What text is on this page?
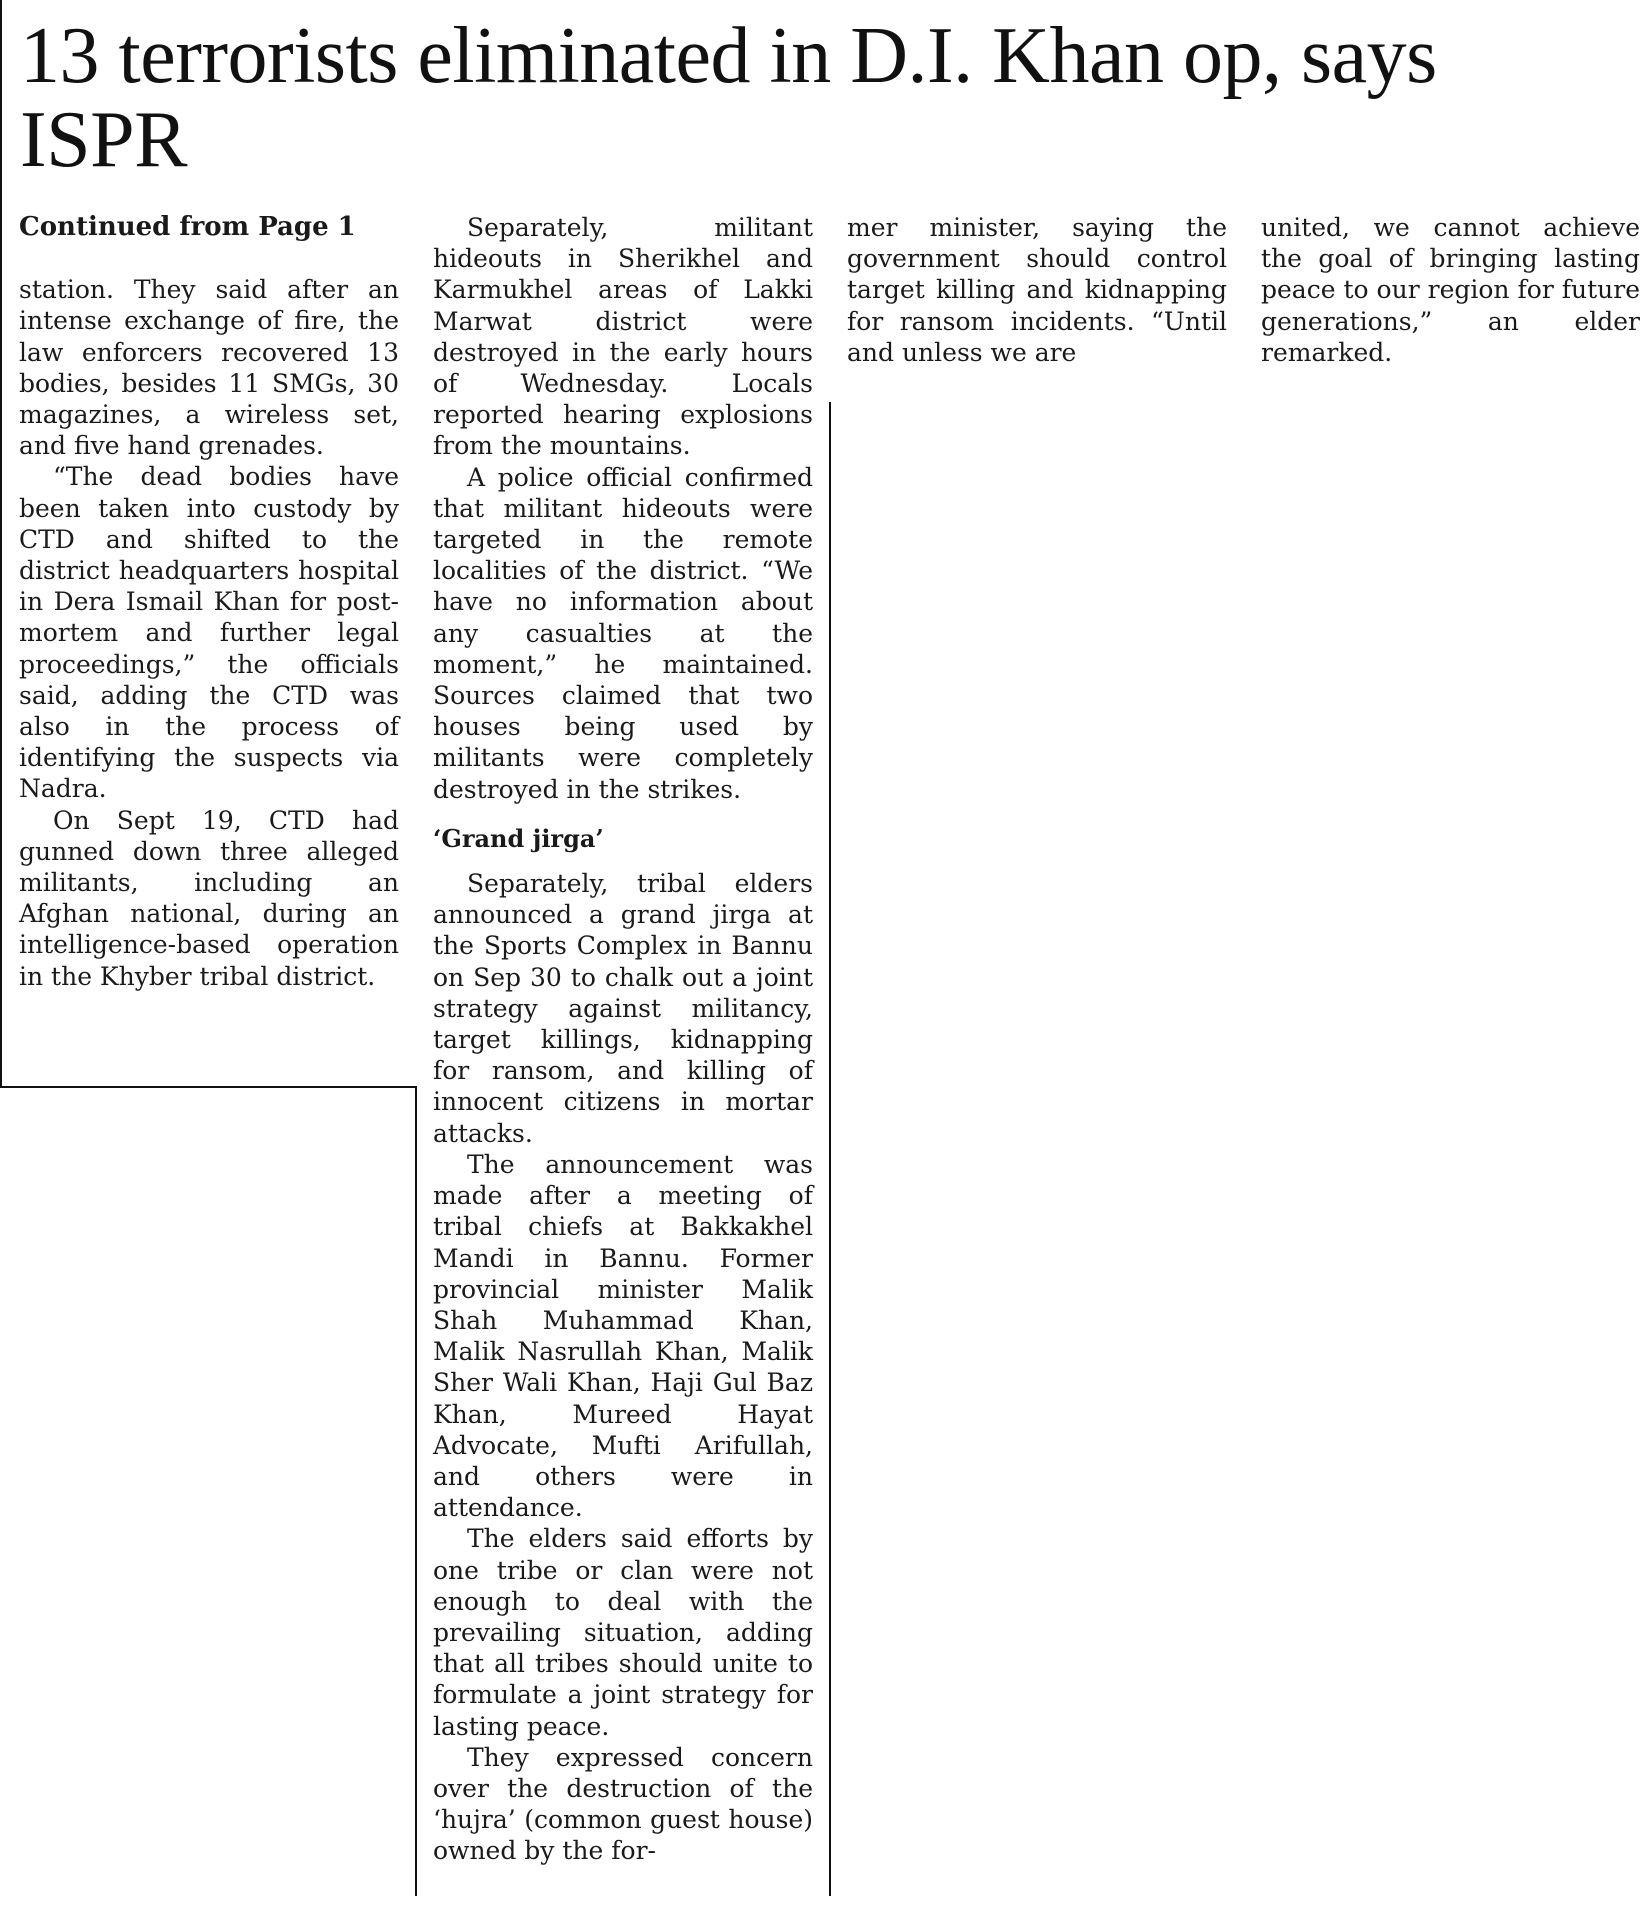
13 terrorists eliminated in D.I. Khan op, says ISPR
Continued from Page 1

station. They said after an intense exchange of fire, the law enforcers recovered 13 bodies, besides 11 SMGs, 30 magazines, a wireless set, and five hand grenades.

“The dead bodies have been taken into custody by CTD and shifted to the district headquarters hospital in Dera Ismail Khan for post-mortem and further legal proceedings,” the officials said, adding the CTD was also in the process of identifying the suspects via Nadra.

On Sept 19, CTD had gunned down three alleged militants, including an Afghan national, during an intelligence-based operation in the Khyber tribal district.

Separately, militant hideouts in Sherikhel and Karmukhel areas of Lakki Marwat district were destroyed in the early hours of Wednesday. Locals reported hearing explosions from the mountains.

A police official confirmed that militant hideouts were targeted in the remote localities of the district. “We have no information about any casualties at the moment,” he maintained. Sources claimed that two houses being used by militants were completely destroyed in the strikes.

‘Grand jirga’

Separately, tribal elders announced a grand jirga at the Sports Complex in Bannu on Sep 30 to chalk out a joint strategy against militancy, target killings, kidnapping for ransom, and killing of innocent citizens in mortar attacks.

The announcement was made after a meeting of tribal chiefs at Bakkakhel Mandi in Bannu. Former provincial minister Malik Shah Muhammad Khan, Malik Nasrullah Khan, Malik Sher Wali Khan, Haji Gul Baz Khan, Mureed Hayat Advocate, Mufti Arifullah, and others were in attendance.

The elders said efforts by one tribe or clan were not enough to deal with the prevailing situation, adding that all tribes should unite to formulate a joint strategy for lasting peace.

They expressed concern over the destruction of the ‘hujra’ (common guest house) owned by the for-

mer minister, saying the government should control target killing and kidnapping for ransom incidents. “Until and unless we are

united, we cannot achieve the goal of bringing lasting peace to our region for future generations,” an elder remarked.
